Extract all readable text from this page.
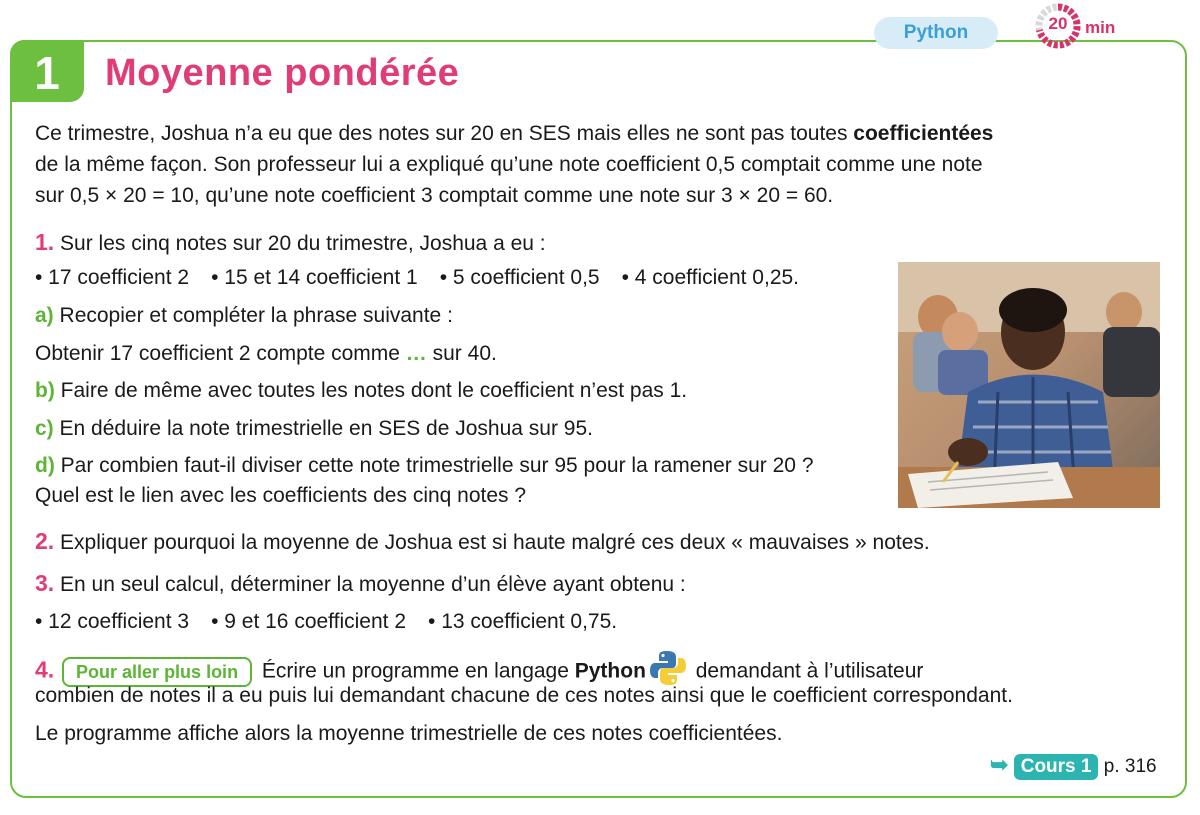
1	Moyenne pondérée
Python	20	min
Ce trimestre, Joshua n’a eu que des notes sur 20 en SES mais elles ne sont pas toutes coefficientées
de la même façon. Son professeur lui a expliqué qu’une note coefficient 0,5 comptait comme une note
sur 0,5 × 20 = 10, qu’une note coefficient 3 comptait comme une note sur 3 × 20 = 60.
1. Sur les cinq notes sur 20 du trimestre, Joshua a eu :
• 17 coefficient 2 • 15 et 14 coefficient 1 • 5 coefficient 0,5 • 4 coefficient 0,25.
a) Recopier et compléter la phrase suivante :
Obtenir 17 coefficient 2 compte comme … sur 40.
b) Faire de même avec toutes les notes dont le coefficient n’est pas 1.
c) En déduire la note trimestrielle en SES de Joshua sur 95.
d) Par combien faut-il diviser cette note trimestrielle sur 95 pour la ramener sur 20 ?
Quel est le lien avec les coefficients des cinq notes ?
2. Expliquer pourquoi la moyenne de Joshua est si haute malgré ces deux « mauvaises » notes.
3. En un seul calcul, déterminer la moyenne d’un élève ayant obtenu :
• 12 coefficient 3 • 9 et 16 coefficient 2 • 13 coefficient 0,75.
4. Pour aller plus loin Écrire un programme en langage Python demandant à l’utilisateur
combien de notes il a eu puis lui demandant chacune de ces notes ainsi que le coefficient correspondant.
Le programme affiche alors la moyenne trimestrielle de ces notes coefficientées.
➥ Cours 1 p. 316
